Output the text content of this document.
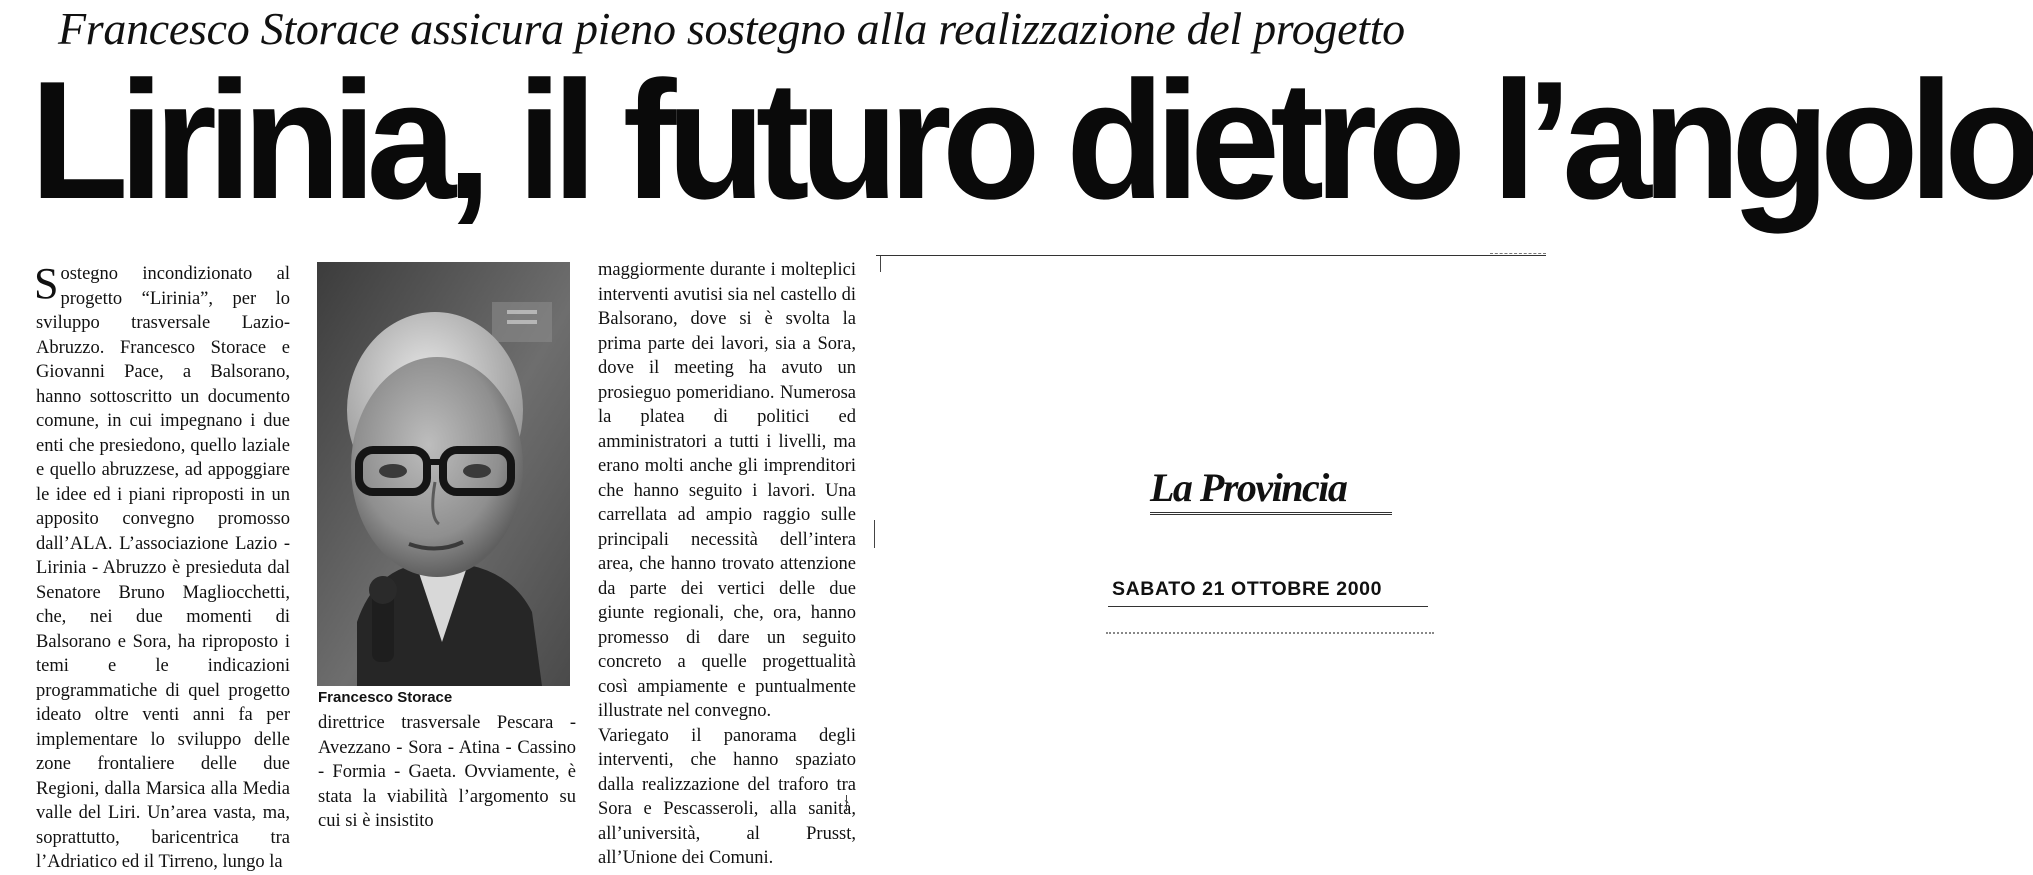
Francesco Storace assicura pieno sostegno alla realizzazione del progetto
Lirinia, il futuro dietro l’angolo

Sostegno incondizionato al progetto “Lirinia”, per lo sviluppo trasversale Lazio-Abruzzo. Francesco Storace e Giovanni Pace, a Balsorano, hanno sottoscritto un documento comune, in cui impegnano i due enti che presiedono, quello laziale e quello abruzzese, ad appoggiare le idee ed i piani riproposti in un apposito convegno promosso dall’ALA. L’associazione Lazio - Lirinia - Abruzzo è presieduta dal Senatore Bruno Magliocchetti, che, nei due momenti di Balsorano e Sora, ha riproposto i temi e le indicazioni programmatiche di quel progetto ideato oltre venti anni fa per implementare lo sviluppo delle zone frontaliere delle due Regioni, dalla Marsica alla Media valle del Liri. Un’area vasta, ma, soprattutto, baricentrica tra l’Adriatico ed il Tirreno, lungo la

Francesco Storace

direttrice trasversale Pescara - Avezzano - Sora - Atina - Cassino - Formia - Gaeta. Ovviamente, è stata la viabilità l’argomento su cui si è insistito

maggiormente durante i molteplici interventi avutisi sia nel castello di Balsorano, dove si è svolta la prima parte dei lavori, sia a Sora, dove il meeting ha avuto un prosieguo pomeridiano. Numerosa la platea di politici ed amministratori a tutti i livelli, ma erano molti anche gli imprenditori che hanno seguito i lavori. Una carrellata ad ampio raggio sulle principali necessità dell’intera area, che hanno trovato attenzione da parte dei vertici delle due giunte regionali, che, ora, hanno promesso di dare un seguito concreto a quelle progettualità così ampiamente e puntualmente illustrate nel convegno.

Variegato il panorama degli interventi, che hanno spaziato dalla realizzazione del traforo tra Sora e Pescasseroli, alla sanità, all’università, al Prusst, all’Unione dei Comuni.

La Provincia
SABATO 21 OTTOBRE 2000
